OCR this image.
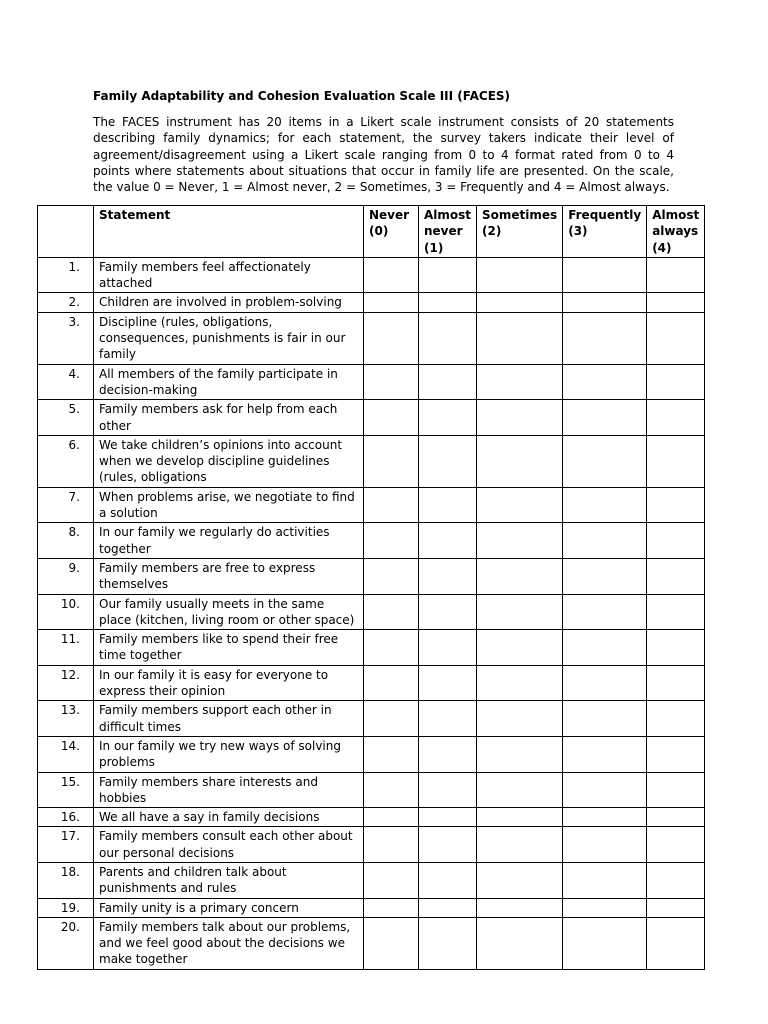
Family Adaptability and Cohesion Evaluation Scale III (FACES)
The FACES instrument has 20 items in a Likert scale instrument consists of 20 statements describing family dynamics; for each statement, the survey takers indicate their level of agreement/disagreement using a Likert scale ranging from 0 to 4 format rated from 0 to 4 points where statements about situations that occur in family life are presented. On the scale, the value 0 = Never, 1 = Almost never, 2 = Sometimes, 3 = Frequently and 4 = Almost always.
	Statement	Never (0)	Almost never (1)	Sometimes (2)	Frequently (3)	Almost always (4)
1.	Family members feel affectionately attached					
2.	Children are involved in problem-solving					
3.	Discipline (rules, obligations, consequences, punishments is fair in our family					
4.	All members of the family participate in decision-making					
5.	Family members ask for help from each other					
6.	We take children’s opinions into account when we develop discipline guidelines (rules, obligations					
7.	When problems arise, we negotiate to find a solution					
8.	In our family we regularly do activities together					
9.	Family members are free to express themselves					
10.	Our family usually meets in the same place (kitchen, living room or other space)					
11.	Family members like to spend their free time together					
12.	In our family it is easy for everyone to express their opinion					
13.	Family members support each other in difficult times					
14.	In our family we try new ways of solving problems					
15.	Family members share interests and hobbies					
16.	We all have a say in family decisions					
17.	Family members consult each other about our personal decisions					
18.	Parents and children talk about punishments and rules					
19.	Family unity is a primary concern					
20.	Family members talk about our problems, and we feel good about the decisions we make together					
